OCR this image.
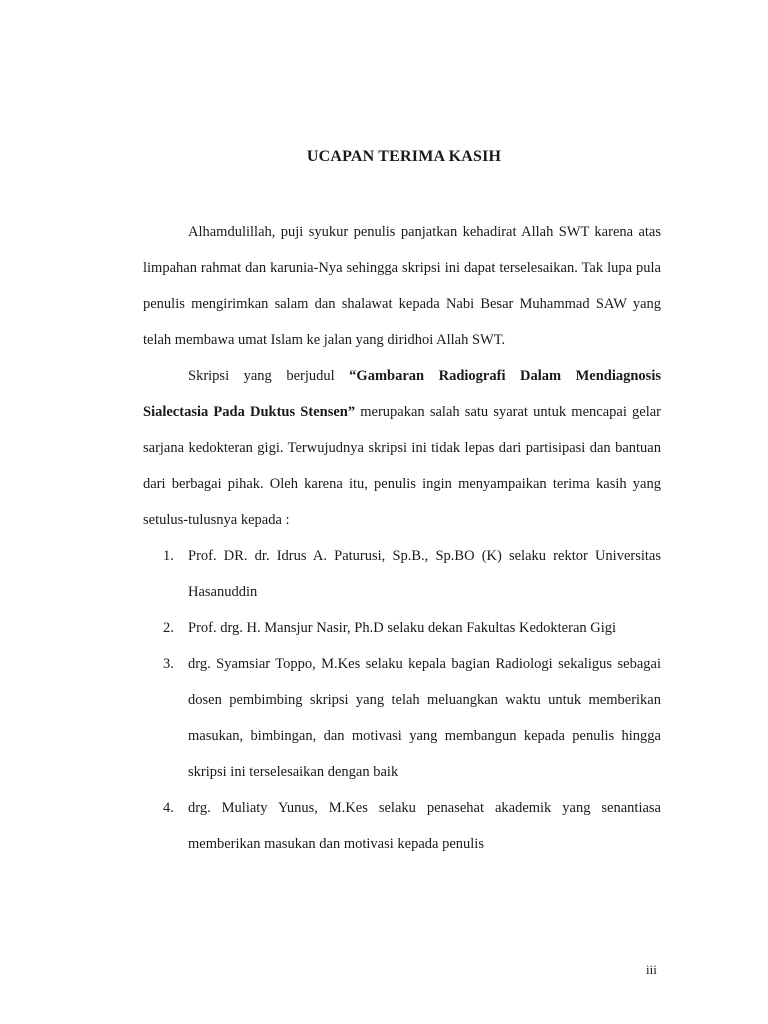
UCAPAN TERIMA KASIH

Alhamdulillah, puji syukur penulis panjatkan kehadirat Allah SWT karena atas limpahan rahmat dan karunia-Nya sehingga skripsi ini dapat terselesaikan. Tak lupa pula penulis mengirimkan salam dan shalawat kepada Nabi Besar Muhammad SAW yang telah membawa umat Islam ke jalan yang diridhoi Allah SWT.

Skripsi yang berjudul “Gambaran Radiografi Dalam Mendiagnosis Sialectasia Pada Duktus Stensen” merupakan salah satu syarat untuk mencapai gelar sarjana kedokteran gigi. Terwujudnya skripsi ini tidak lepas dari partisipasi dan bantuan dari berbagai pihak. Oleh karena itu, penulis ingin menyampaikan terima kasih yang setulus-tulusnya kepada :

1. Prof. DR. dr. Idrus A. Paturusi, Sp.B., Sp.BO (K) selaku rektor Universitas Hasanuddin
2. Prof. drg. H. Mansjur Nasir, Ph.D selaku dekan Fakultas Kedokteran Gigi
3. drg. Syamsiar Toppo, M.Kes selaku kepala bagian Radiologi sekaligus sebagai dosen pembimbing skripsi yang telah meluangkan waktu untuk memberikan masukan, bimbingan, dan motivasi yang membangun kepada penulis hingga skripsi ini terselesaikan dengan baik
4. drg. Muliaty Yunus, M.Kes selaku penasehat akademik yang senantiasa memberikan masukan dan motivasi kepada penulis
iii
